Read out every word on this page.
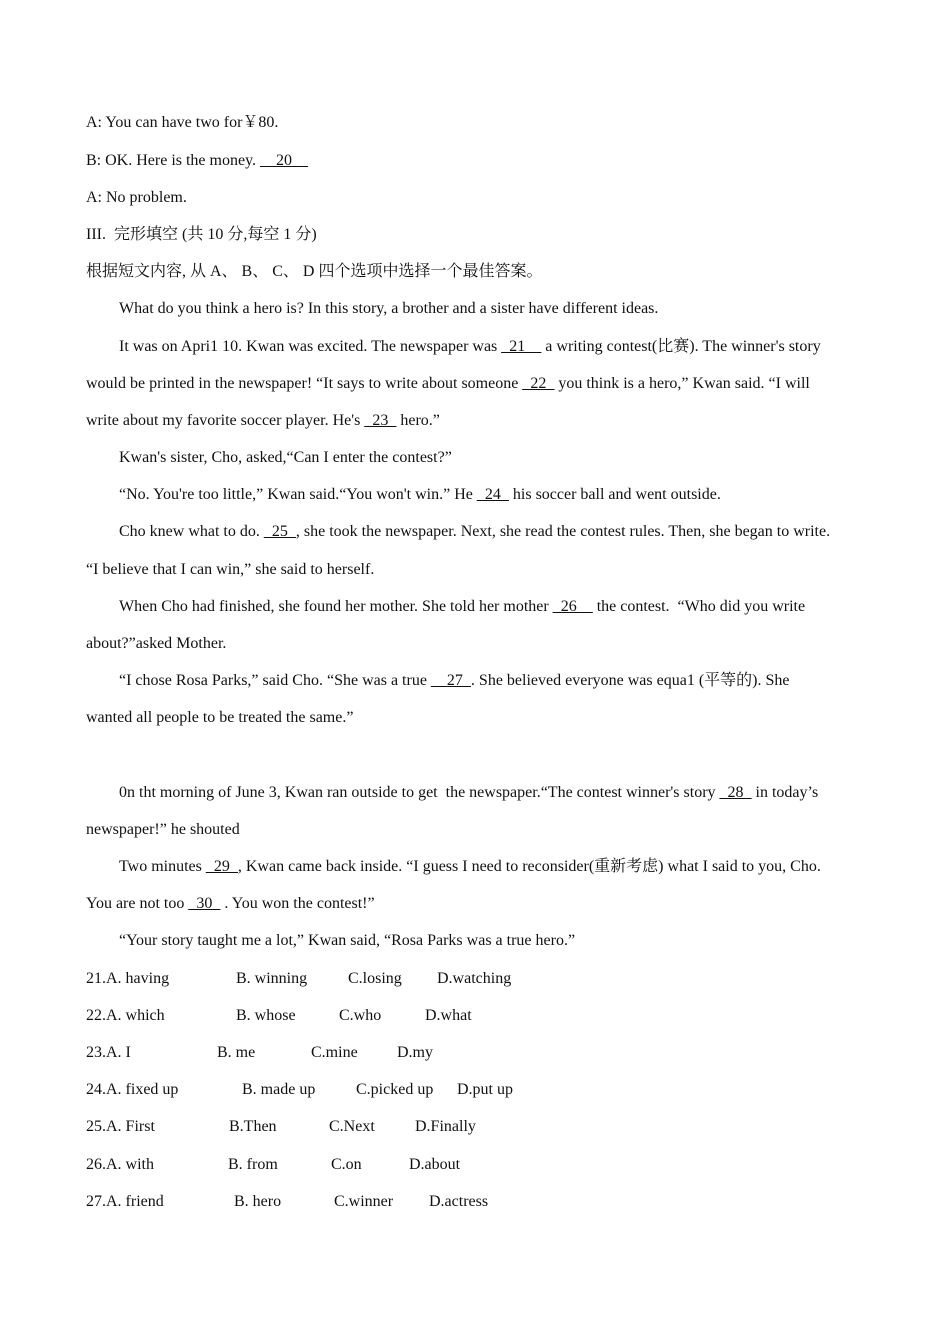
A: You can have two for￥80.
B: OK. Here is the money. __20__
A: No problem.
III.  完形填空 (共 10 分,每空 1 分)
根据短文内容, 从 A、 B、 C、 D 四个选项中选择一个最佳答案。
What do you think a hero is? In this story, a brother and a sister have different ideas.
It was on Apri1 10. Kwan was excited. The newspaper was _21__ a writing contest(比赛). The winner's story
would be printed in the newspaper! “It says to write about someone _22_ you think is a hero,” Kwan said. “I will
write about my favorite soccer player. He's _23_ hero.”
Kwan's sister, Cho, asked,“Can I enter the contest?”
“No. You're too little,” Kwan said.“You won't win.” He _24_ his soccer ball and went outside.
Cho knew what to do. _25_, she took the newspaper. Next, she read the contest rules. Then, she began to write.
“I believe that I can win,” she said to herself.
When Cho had finished, she found her mother. She told her mother _26__ the contest.  “Who did you write
about?”asked Mother.
“I chose Rosa Parks,” said Cho. “She was a true __27_. She believed everyone was equa1 (平等的). She
wanted all people to be treated the same.”
0n tht morning of June 3, Kwan ran outside to get  the newspaper.“The contest winner's story _28_ in today’s
newspaper!” he shouted
Two minutes _29_, Kwan came back inside. “I guess I need to reconsider(重新考虑) what I said to you, Cho.
You are not too _30_ . You won the contest!”
“Your story taught me a lot,” Kwan said, “Rosa Parks was a true hero.”
21.A. having	B. winning	C.losing D.watching
22.A. which	B. whose	C.who	D.what
23.A. I	B. me	C.mine D.my
24.A. fixed up	B. made up	C.picked up D.put up
25.A. First	B.Then	C.Next	D.Finally
26.A. with	B. from	C.on	D.about
27.A. friend	B. hero	C.winner D.actress
